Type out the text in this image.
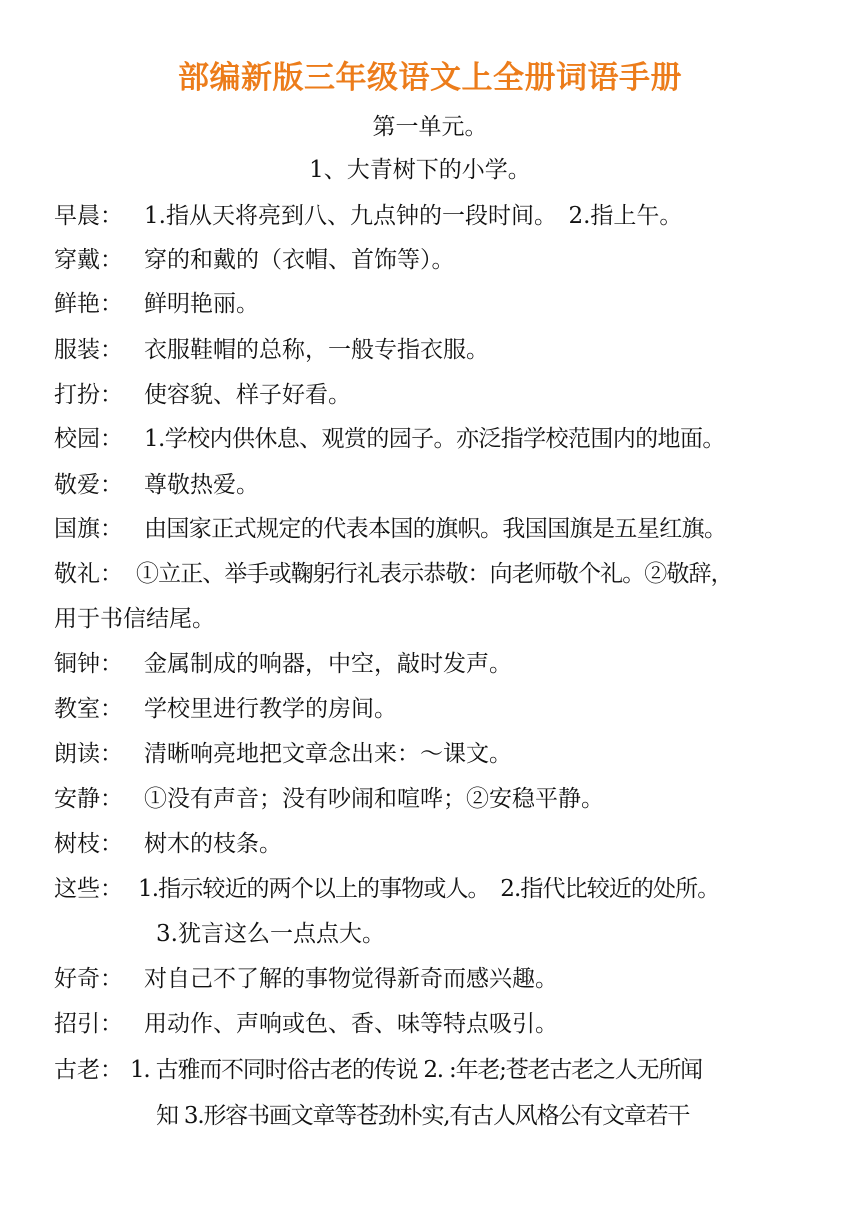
部编新版三年级语文上全册词语手册
第一单元。
1、大青树下的小学。
早晨： 1.指从天将亮到八、九点钟的一段时间。　2.指上午。
穿戴： 穿的和戴的（衣帽、首饰等）。
鲜艳： 鲜明艳丽。
服装： 衣服鞋帽的总称，一般专指衣服。
打扮： 使容貌、样子好看。
校园： 1.学校内供休息、观赏的园子。亦泛指学校范围内的地面。
敬爱： 尊敬热爱。
国旗： 由国家正式规定的代表本国的旗帜。我国国旗是五星红旗。
敬礼： ①立正、举手或鞠躬行礼表示恭敬：向老师敬个礼。②敬辞，
用于书信结尾。
铜钟： 金属制成的响器，中空，敲时发声。
教室： 学校里进行教学的房间。
朗读： 清晰响亮地把文章念出来：～课文。
安静： ①没有声音；没有吵闹和喧哗；②安稳平静。
树枝： 树木的枝条。
这些： 1.指示较近的两个以上的事物或人。　2.指代比较近的处所。
3.犹言这么一点点大。
好奇： 对自己不了解的事物觉得新奇而感兴趣。
招引： 用动作、声响或色、香、味等特点吸引。
古老： 1. 古雅而不同时俗古老的传说 2. :年老;苍老古老之人无所闻
知 3.形容书画文章等苍劲朴实,有古人风格公有文章若干
